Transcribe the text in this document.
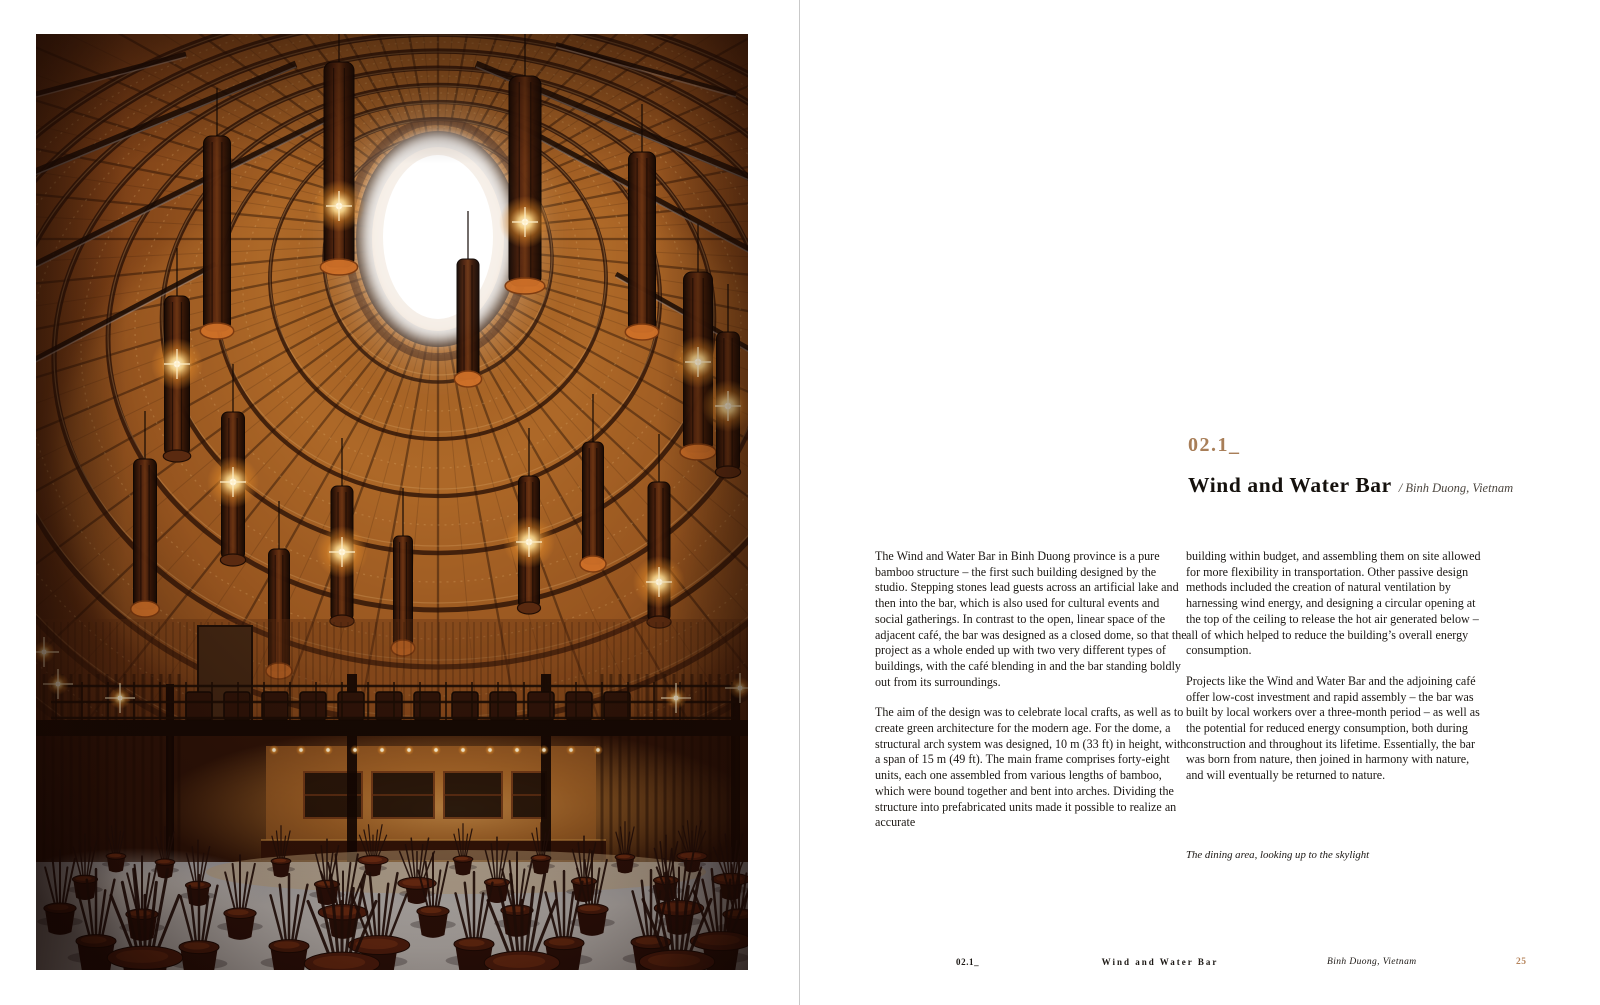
02.1_
Wind and Water Bar / Binh Duong, Vietnam

The Wind and Water Bar in Binh Duong province is a pure bamboo structure – the first such building designed by the studio. Stepping stones lead guests across an artificial lake and then into the bar, which is also used for cultural events and social gatherings. In contrast to the open, linear space of the adjacent café, the bar was designed as a closed dome, so that the project as a whole ended up with two very different types of buildings, with the café blending in and the bar standing boldly out from its surroundings.

The aim of the design was to celebrate local crafts, as well as to create green architecture for the modern age. For the dome, a structural arch system was designed, 10 m (33 ft) in height, with a span of 15 m (49 ft). The main frame comprises forty-eight units, each one assembled from various lengths of bamboo, which were bound together and bent into arches. Dividing the structure into prefabricated units made it possible to realize an accurate

building within budget, and assembling them on site allowed for more flexibility in transportation. Other passive design methods included the creation of natural ventilation by harnessing wind energy, and designing a circular opening at the top of the ceiling to release the hot air generated below – all of which helped to reduce the building’s overall energy consumption.

Projects like the Wind and Water Bar and the adjoining café offer low-cost investment and rapid assembly – the bar was built by local workers over a three-month period – as well as the potential for reduced energy consumption, both during construction and throughout its lifetime. Essentially, the bar was born from nature, then joined in harmony with nature, and will eventually be returned to nature.

The dining area, looking up to the skylight
02.1_	Wind and Water Bar	Binh Duong, Vietnam	25
